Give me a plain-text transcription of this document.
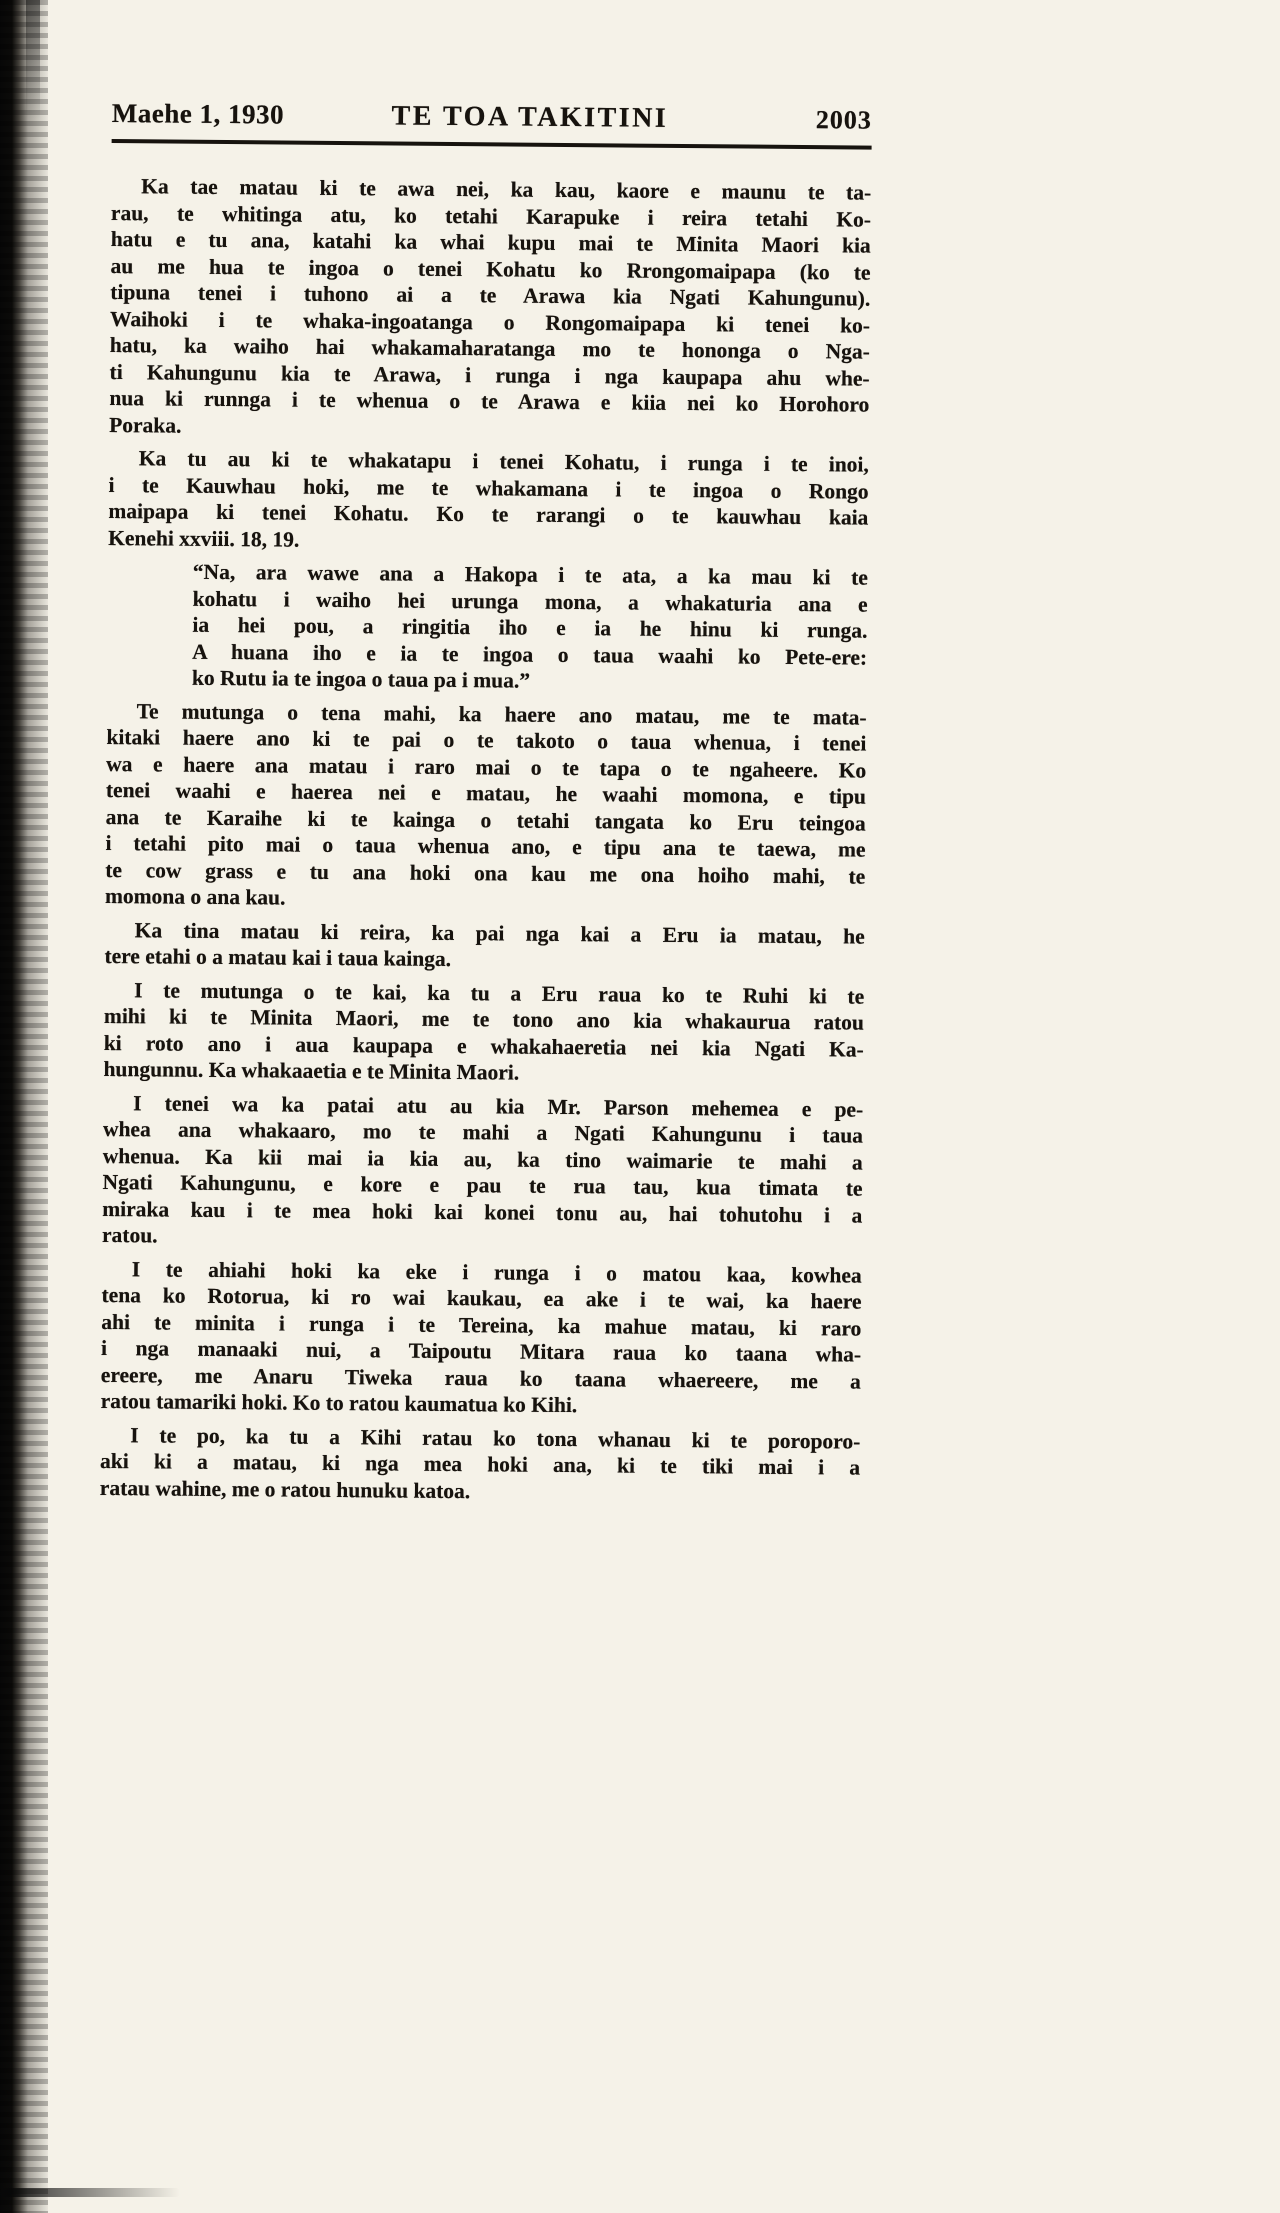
Maehe 1, 1930	TE TOA TAKITINI	2003
Ka tae matau ki te awa nei, ka kau, kaore e maunu te ta-
rau, te whitinga atu, ko tetahi Karapuke i reira tetahi Ko-
hatu e tu ana, katahi ka whai kupu mai te Minita Maori kia
au me hua te ingoa o tenei Kohatu ko Rrongomaipapa (ko te
tipuna tenei i tuhono ai a te Arawa kia Ngati Kahungunu).
Waihoki i te whaka-ingoatanga o Rongomaipapa ki tenei ko-
hatu, ka waiho hai whakamaharatanga mo te hononga o Nga-
ti Kahungunu kia te Arawa, i runga i nga kaupapa ahu whe-
nua ki runnga i te whenua o te Arawa e kiia nei ko Horohoro
Poraka.
Ka tu au ki te whakatapu i tenei Kohatu, i runga i te inoi,
i te Kauwhau hoki, me te whakamana i te ingoa o Rongo
maipapa ki tenei Kohatu. Ko te rarangi o te kauwhau kaia
Kenehi xxviii. 18, 19.
“Na, ara wawe ana a Hakopa i te ata, a ka mau ki te
kohatu i waiho hei urunga mona, a whakaturia ana e
ia hei pou, a ringitia iho e ia he hinu ki runga.
A huana iho e ia te ingoa o taua waahi ko Pete-ere:
ko Rutu ia te ingoa o taua pa i mua.”
Te mutunga o tena mahi, ka haere ano matau, me te mata-
kitaki haere ano ki te pai o te takoto o taua whenua, i tenei
wa e haere ana matau i raro mai o te tapa o te ngaheere. Ko
tenei waahi e haerea nei e matau, he waahi momona, e tipu
ana te Karaihe ki te kainga o tetahi tangata ko Eru teingoa
i tetahi pito mai o taua whenua ano, e tipu ana te taewa, me
te cow grass e tu ana hoki ona kau me ona hoiho mahi, te
momona o ana kau.
Ka tina matau ki reira, ka pai nga kai a Eru ia matau, he
tere etahi o a matau kai i taua kainga.
I te mutunga o te kai, ka tu a Eru raua ko te Ruhi ki te
mihi ki te Minita Maori, me te tono ano kia whakaurua ratou
ki roto ano i aua kaupapa e whakahaeretia nei kia Ngati Ka-
hungunnu. Ka whakaaetia e te Minita Maori.
I tenei wa ka patai atu au kia Mr. Parson mehemea e pe-
whea ana whakaaro, mo te mahi a Ngati Kahungunu i taua
whenua. Ka kii mai ia kia au, ka tino waimarie te mahi a
Ngati Kahungunu, e kore e pau te rua tau, kua timata te
miraka kau i te mea hoki kai konei tonu au, hai tohutohu i a
ratou.
I te ahiahi hoki ka eke i runga i o matou kaa, kowhea
tena ko Rotorua, ki ro wai kaukau, ea ake i te wai, ka haere
ahi te minita i runga i te Tereina, ka mahue matau, ki raro
i nga manaaki nui, a Taipoutu Mitara raua ko taana wha-
ereere, me Anaru Tiweka raua ko taana whaereere, me a
ratou tamariki hoki. Ko to ratou kaumatua ko Kihi.
I te po, ka tu a Kihi ratau ko tona whanau ki te poroporo-
aki ki a matau, ki nga mea hoki ana, ki te tiki mai i a
ratau wahine, me o ratou hunuku katoa.
